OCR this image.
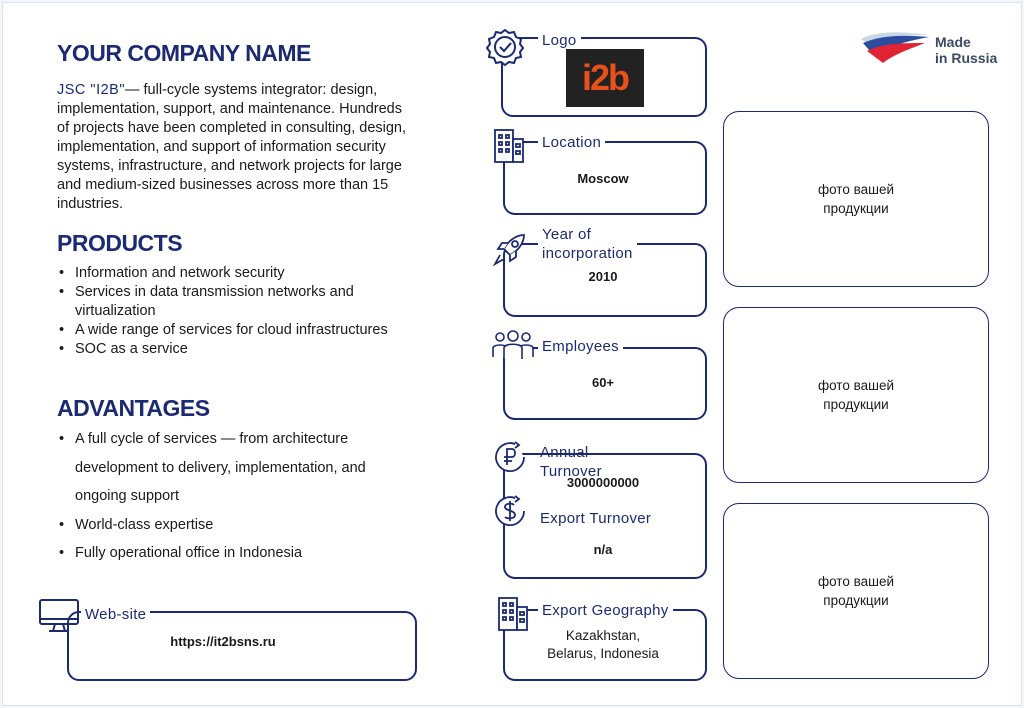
YOUR COMPANY NAME
JSC "I2B"— full-cycle systems integrator: design, implementation, support, and maintenance. Hundreds of projects have been completed in consulting, design, implementation, and support of information security systems, infrastructure, and network projects for large and medium-sized businesses across more than 15 industries.
PRODUCTS
• Information and network security
• Services in data transmission networks and virtualization
• A wide range of services for cloud infrastructures
• SOC as a service
ADVANTAGES
• A full cycle of services — from architecture development to delivery, implementation, and ongoing support
• World-class expertise
• Fully operational office in Indonesia
Web-site
https://it2bsns.ru
Logo
i2b
Location
Moscow
Year of
incorporation
2010
Employees
60+
Annual
Turnover
3000000000
Export Turnover
n/a
Export Geography
Kazakhstan,
Belarus, Indonesia
фото вашей
продукции
фото вашей
продукции
фото вашей
продукции
Made
in Russia
